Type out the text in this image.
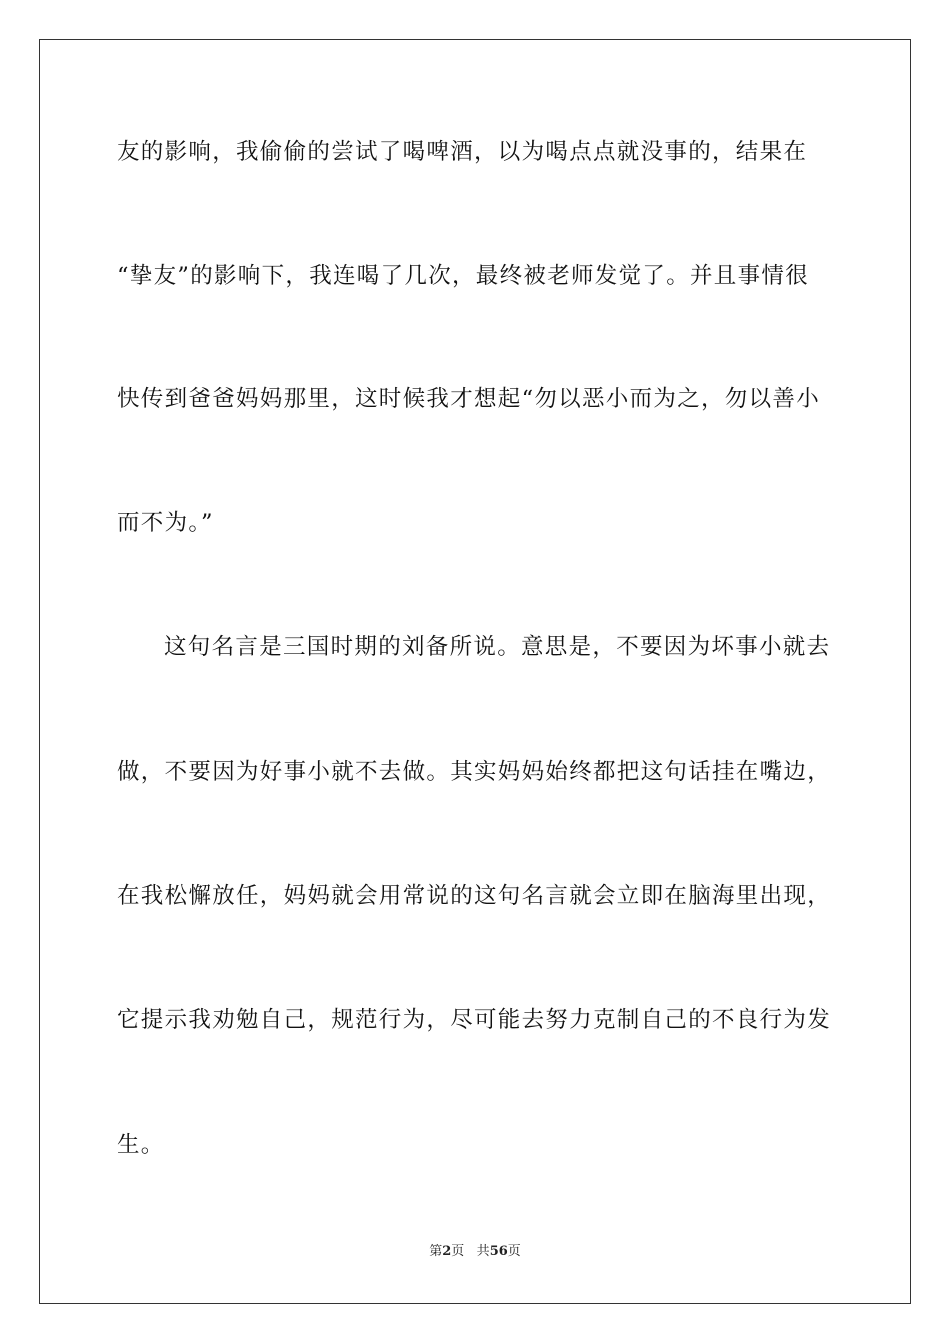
友的影响，我偷偷的尝试了喝啤酒，以为喝点点就没事的，结果在
“挚友”的影响下，我连喝了几次，最终被老师发觉了。并且事情很
快传到爸爸妈妈那里，这时候我才想起“勿以恶小而为之，勿以善小
而不为。”
这句名言是三国时期的刘备所说。意思是，不要因为坏事小就去
做，不要因为好事小就不去做。其实妈妈始终都把这句话挂在嘴边，
在我松懈放任，妈妈就会用常说的这句名言就会立即在脑海里出现，
它提示我劝勉自己，规范行为，尽可能去努力克制自己的不良行为发
生。
第2页 共56页
